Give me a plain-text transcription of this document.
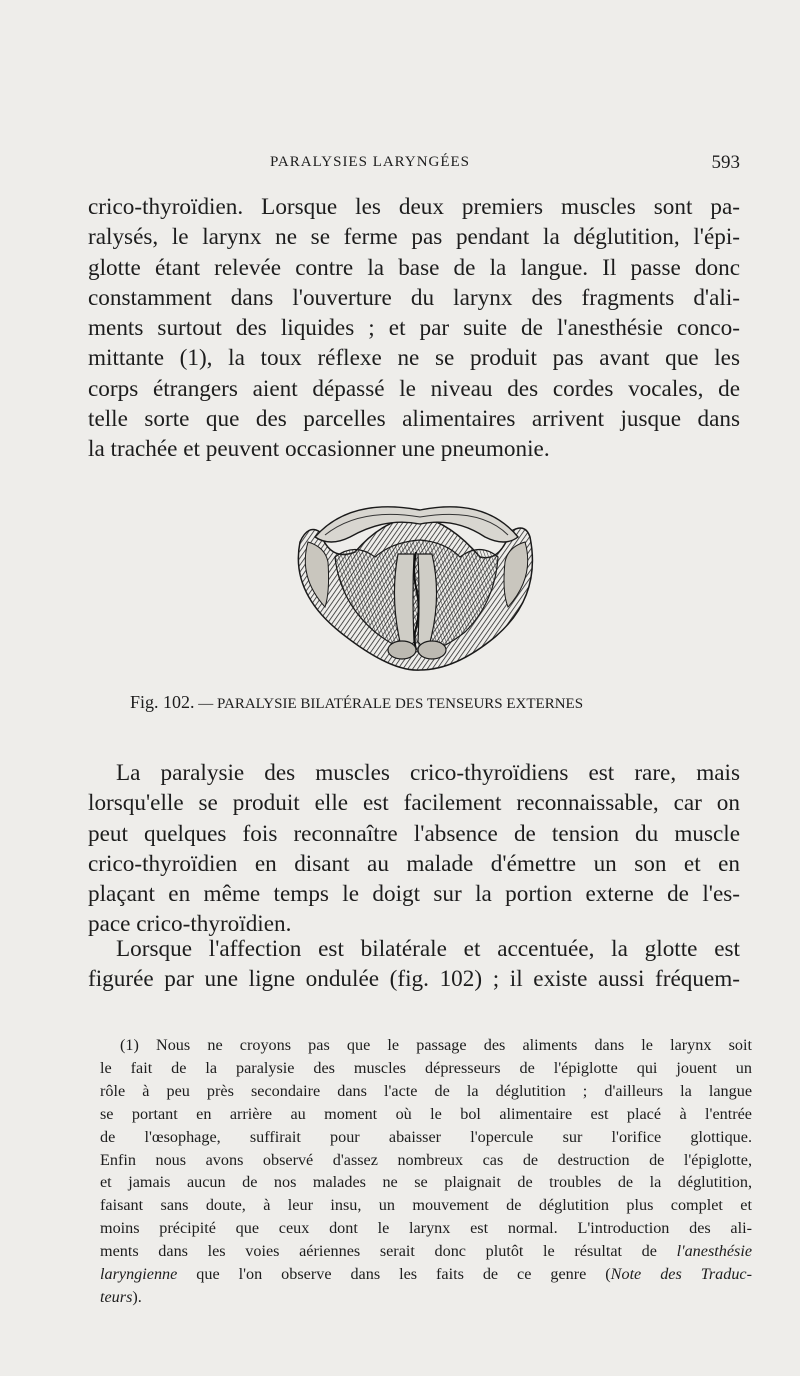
PARALYSIES LARYNGÉES	593
crico-thyroïdien. Lorsque les deux premiers muscles sont pa-
ralysés, le larynx ne se ferme pas pendant la déglutition, l'épi-
glotte étant relevée contre la base de la langue. Il passe donc
constamment dans l'ouverture du larynx des fragments d'ali-
ments surtout des liquides ; et par suite de l'anesthésie conco-
mittante (1), la toux réflexe ne se produit pas avant que les
corps étrangers aient dépassé le niveau des cordes vocales, de
telle sorte que des parcelles alimentaires arrivent jusque dans
la trachée et peuvent occasionner une pneumonie.
Fig. 102. — PARALYSIE BILATÉRALE DES TENSEURS EXTERNES
La paralysie des muscles crico-thyroïdiens est rare, mais
lorsqu'elle se produit elle est facilement reconnaissable, car on
peut quelques fois reconnaître l'absence de tension du muscle
crico-thyroïdien en disant au malade d'émettre un son et en
plaçant en même temps le doigt sur la portion externe de l'es-
pace crico-thyroïdien.
Lorsque l'affection est bilatérale et accentuée, la glotte est
figurée par une ligne ondulée (fig. 102) ; il existe aussi fréquem-
(1) Nous ne croyons pas que le passage des aliments dans le larynx soit
le fait de la paralysie des muscles dépresseurs de l'épiglotte qui jouent un
rôle à peu près secondaire dans l'acte de la déglutition ; d'ailleurs la langue
se portant en arrière au moment où le bol alimentaire est placé à l'entrée
de l'œsophage, suffirait pour abaisser l'opercule sur l'orifice glottique.
Enfin nous avons observé d'assez nombreux cas de destruction de l'épiglotte,
et jamais aucun de nos malades ne se plaignait de troubles de la déglutition,
faisant sans doute, à leur insu, un mouvement de déglutition plus complet et
moins précipité que ceux dont le larynx est normal. L'introduction des ali-
ments dans les voies aériennes serait donc plutôt le résultat de l'anesthésie
laryngienne que l'on observe dans les faits de ce genre (Note des Traduc-
teurs).
